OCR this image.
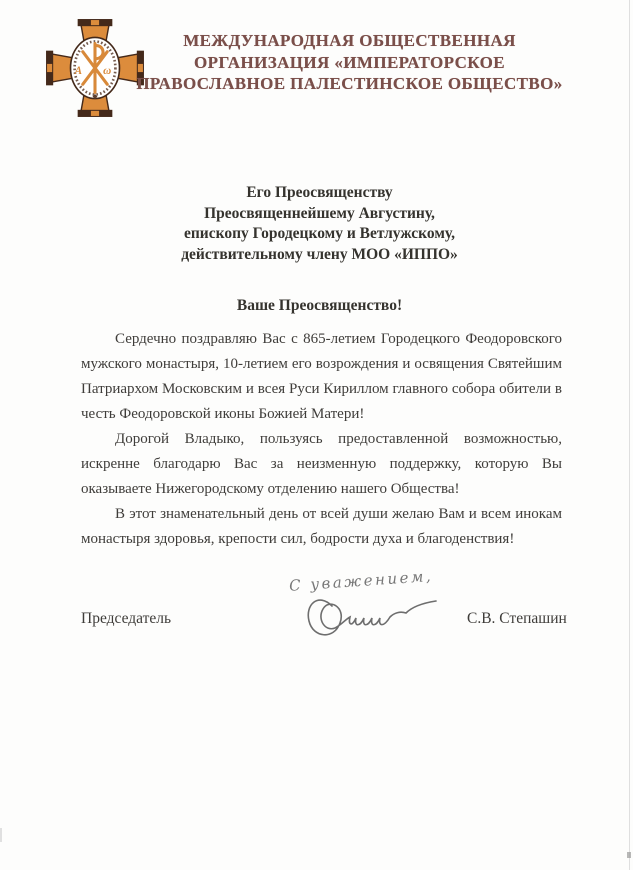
А ω
МЕЖДУНАРОДНАЯ ОБЩЕСТВЕННАЯ
ОРГАНИЗАЦИЯ «ИМПЕРАТОРСКОЕ
ПРАВОСЛАВНОЕ ПАЛЕСТИНСКОЕ ОБЩЕСТВО»
Его Преосвященству
Преосвященнейшему Августину,
епископу Городецкому и Ветлужскому,
действительному члену МОО «ИППО»
Ваше Преосвященство!

Сердечно поздравляю Вас с 865-летием Городецкого Феодоровского мужского монастыря, 10-летием его возрождения и освящения Святейшим Патриархом Московским и всея Руси Кириллом главного собора обители в честь Феодоровской иконы Божией Матери!

Дорогой Владыко, пользуясь предоставленной возможностью, искренне благодарю Вас за неизменную поддержку, которую Вы оказываете Нижегородскому отделению нашего Общества!

В этот знаменательный день от всей души желаю Вам и всем инокам монастыря здоровья, крепости сил, бодрости духа и благоденствия!

С уважением,
Председатель	С.В. Степашин
